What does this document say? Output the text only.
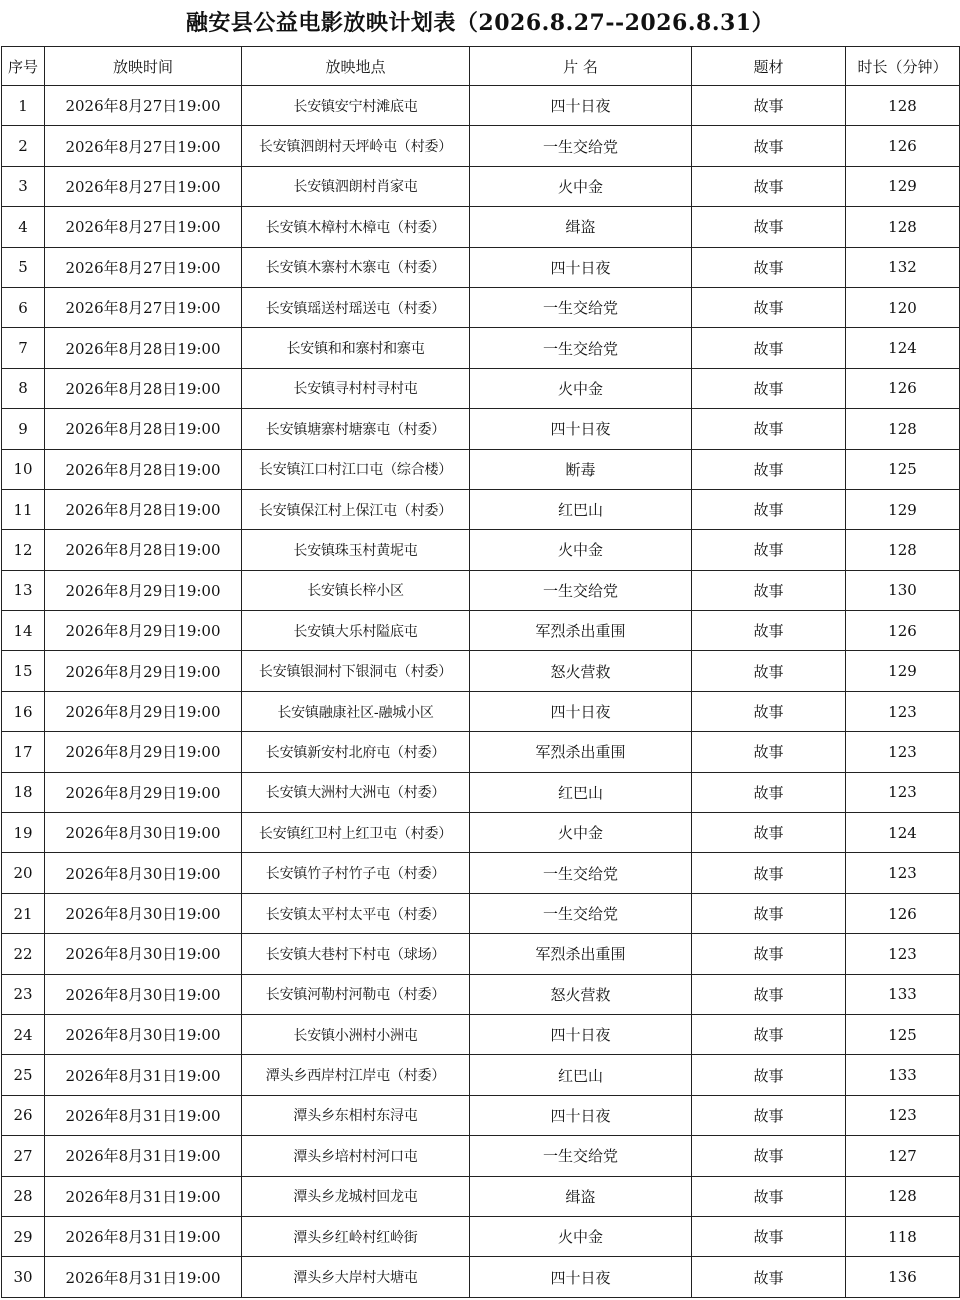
融安县公益电影放映计划表（2026.8.27--2026.8.31）
序号	放映时间	放映地点	片 名	题材	时长（分钟）
1	2026年8月27日19:00	长安镇安宁村滩底屯	四十日夜	故事	128
2	2026年8月27日19:00	长安镇泗朗村天坪岭屯（村委）	一生交给党	故事	126
3	2026年8月27日19:00	长安镇泗朗村肖家屯	火中金	故事	129
4	2026年8月27日19:00	长安镇木樟村木樟屯（村委）	缉盗	故事	128
5	2026年8月27日19:00	长安镇木寨村木寨屯（村委）	四十日夜	故事	132
6	2026年8月27日19:00	长安镇瑶送村瑶送屯（村委）	一生交给党	故事	120
7	2026年8月28日19:00	长安镇和和寨村和寨屯	一生交给党	故事	124
8	2026年8月28日19:00	长安镇寻村村寻村屯	火中金	故事	126
9	2026年8月28日19:00	长安镇塘寨村塘寨屯（村委）	四十日夜	故事	128
10	2026年8月28日19:00	长安镇江口村江口屯（综合楼）	断毒	故事	125
11	2026年8月28日19:00	长安镇保江村上保江屯（村委）	红巴山	故事	129
12	2026年8月28日19:00	长安镇珠玉村黄坭屯	火中金	故事	128
13	2026年8月29日19:00	长安镇长梓小区	一生交给党	故事	130
14	2026年8月29日19:00	长安镇大乐村隘底屯	军烈杀出重围	故事	126
15	2026年8月29日19:00	长安镇银洞村下银洞屯（村委）	怒火营救	故事	129
16	2026年8月29日19:00	长安镇融康社区-融城小区	四十日夜	故事	123
17	2026年8月29日19:00	长安镇新安村北府屯（村委）	军烈杀出重围	故事	123
18	2026年8月29日19:00	长安镇大洲村大洲屯（村委）	红巴山	故事	123
19	2026年8月30日19:00	长安镇红卫村上红卫屯（村委）	火中金	故事	124
20	2026年8月30日19:00	长安镇竹子村竹子屯（村委）	一生交给党	故事	123
21	2026年8月30日19:00	长安镇太平村太平屯（村委）	一生交给党	故事	126
22	2026年8月30日19:00	长安镇大巷村下村屯（球场）	军烈杀出重围	故事	123
23	2026年8月30日19:00	长安镇河勒村河勒屯（村委）	怒火营救	故事	133
24	2026年8月30日19:00	长安镇小洲村小洲屯	四十日夜	故事	125
25	2026年8月31日19:00	潭头乡西岸村江岸屯（村委）	红巴山	故事	133
26	2026年8月31日19:00	潭头乡东相村东浔屯	四十日夜	故事	123
27	2026年8月31日19:00	潭头乡培村村河口屯	一生交给党	故事	127
28	2026年8月31日19:00	潭头乡龙城村回龙屯	缉盗	故事	128
29	2026年8月31日19:00	潭头乡红岭村红岭街	火中金	故事	118
30	2026年8月31日19:00	潭头乡大岸村大塘屯	四十日夜	故事	136
